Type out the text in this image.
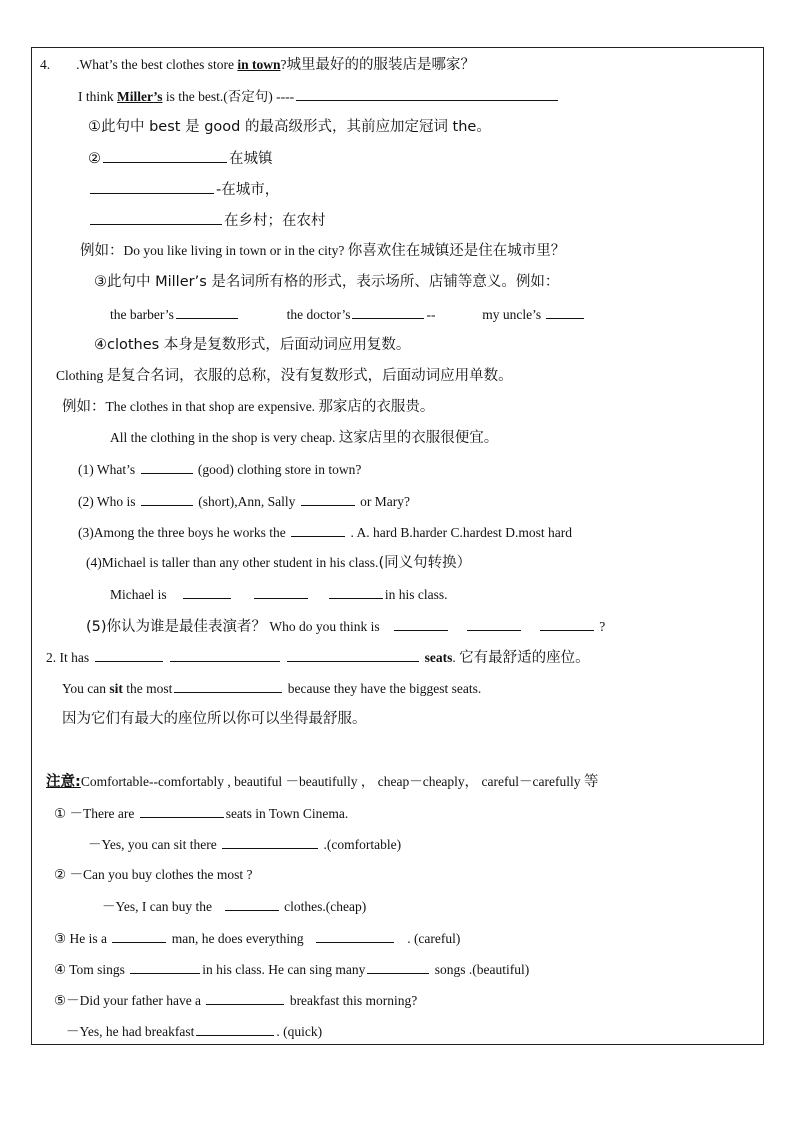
4. .What’s the best clothes store in town?城里最好的的服装店是哪家？
I think Miller’s is the best.(否定句) ----
①此句中 best 是 good 的最高级形式，其前应加定冠词 the。
②	在城镇
-在城市，
在乡村；在农村
例如：Do you like living in town or in the city? 你喜欢住在城镇还是住在城市里？
③此句中 Miller’s 是名词所有格的形式，表示场所、店铺等意义。例如：
the barber’s	the doctor’s	--	my uncle’s
④clothes 本身是复数形式，后面动词应用复数。
Clothing 是复合名词，衣服的总称，没有复数形式，后面动词应用单数。
例如：The clothes in that shop are expensive. 那家店的衣服贵。
All the clothing in the shop is very cheap. 这家店里的衣服很便宜。
(1) What’s	(good) clothing store in town?
(2) Who is	(short),Ann, Sally	or Mary?
(3)Among the three boys he works the	. A. hard B.harder C.hardest D.most hard
(4)Michael is taller than any other student in his class.(同义句转换）
Michael is	in his class.
(5)你认为谁是最佳表演者？ Who do you think is	?
2. It has	seats. 它有最舒适的座位。
You can sit the most	because they have the biggest seats.
因为它们有最大的座位所以你可以坐得最舒服。
注意:Comfortable--comfortably , beautiful －beautifully ， cheap－cheaply， careful－carefully 等
① －There are	seats in Town Cinema.
－Yes, you can sit there	.(comfortable)
② －Can you buy clothes the most ?
－Yes, I can buy the	clothes.(cheap)
③ He is a	man, he does everything	. (careful)
④ Tom sings	in his class. He can sing many	songs .(beautiful)
⑤－Did your father have a	breakfast this morning?
－Yes, he had breakfast	. (quick)
